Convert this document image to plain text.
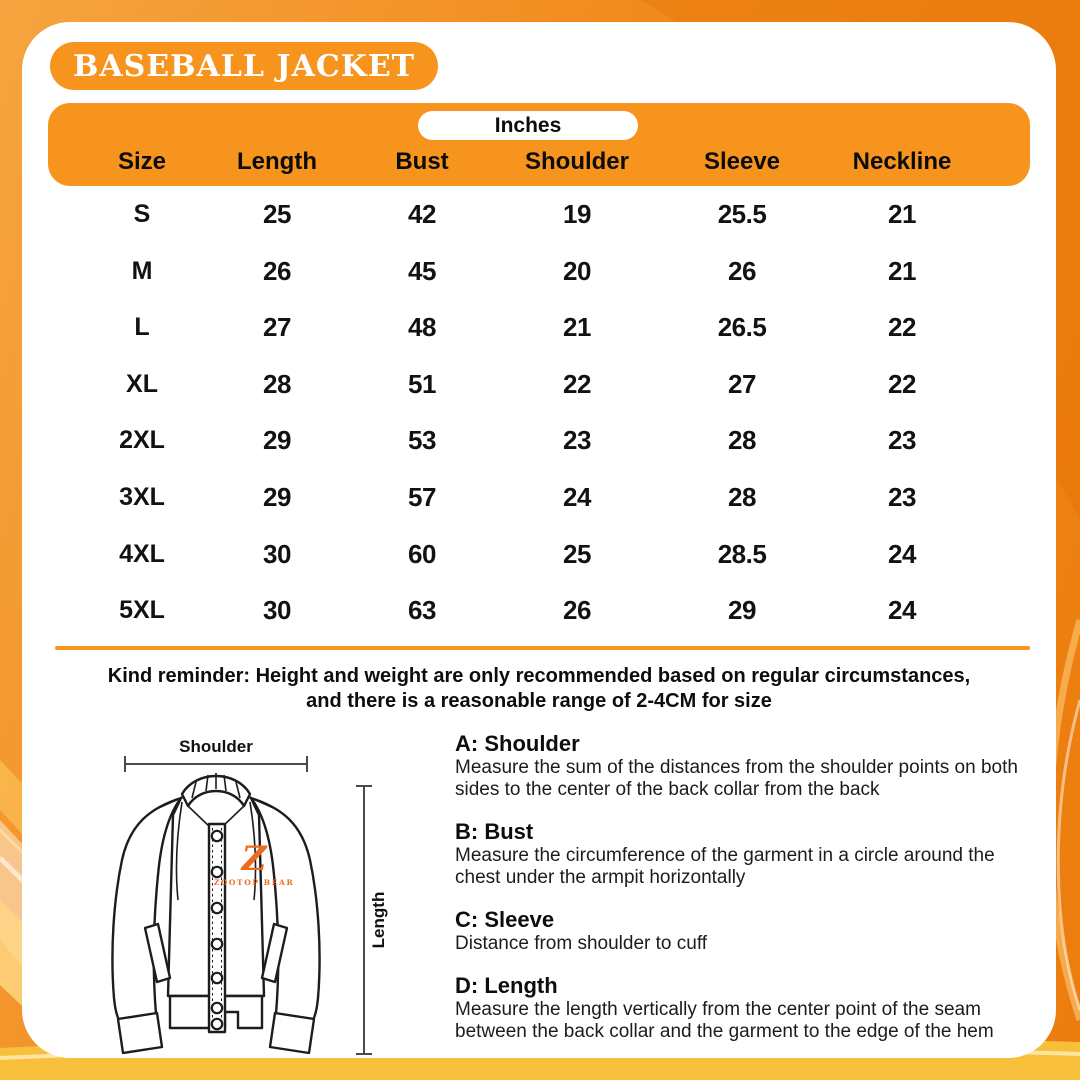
BASEBALL JACKET
Inches
Size	Length	Bust	Shoulder	Sleeve	Neckline
S	25	42	19	25.5	21
M	26	45	20	26	21
L	27	48	21	26.5	22
XL	28	51	22	27	22
2XL	29	53	23	28	23
3XL	29	57	24	28	23
4XL	30	60	25	28.5	24
5XL	30	63	26	29	24
Kind reminder: Height and weight are only recommended based on regular circumstances,
and there is a reasonable range of 2-4CM for size
Shoulder
Length
Z
ZOOTOP BEAR
A: Shoulder

Measure the sum of the distances from the shoulder points on both sides to the center of the back collar from the back

B: Bust

Measure the circumference of the garment in a circle around the chest under the armpit horizontally

C: Sleeve

Distance from shoulder to cuff

D: Length

Measure the length vertically from the center point of the seam between the back collar and the garment to the edge of the hem
